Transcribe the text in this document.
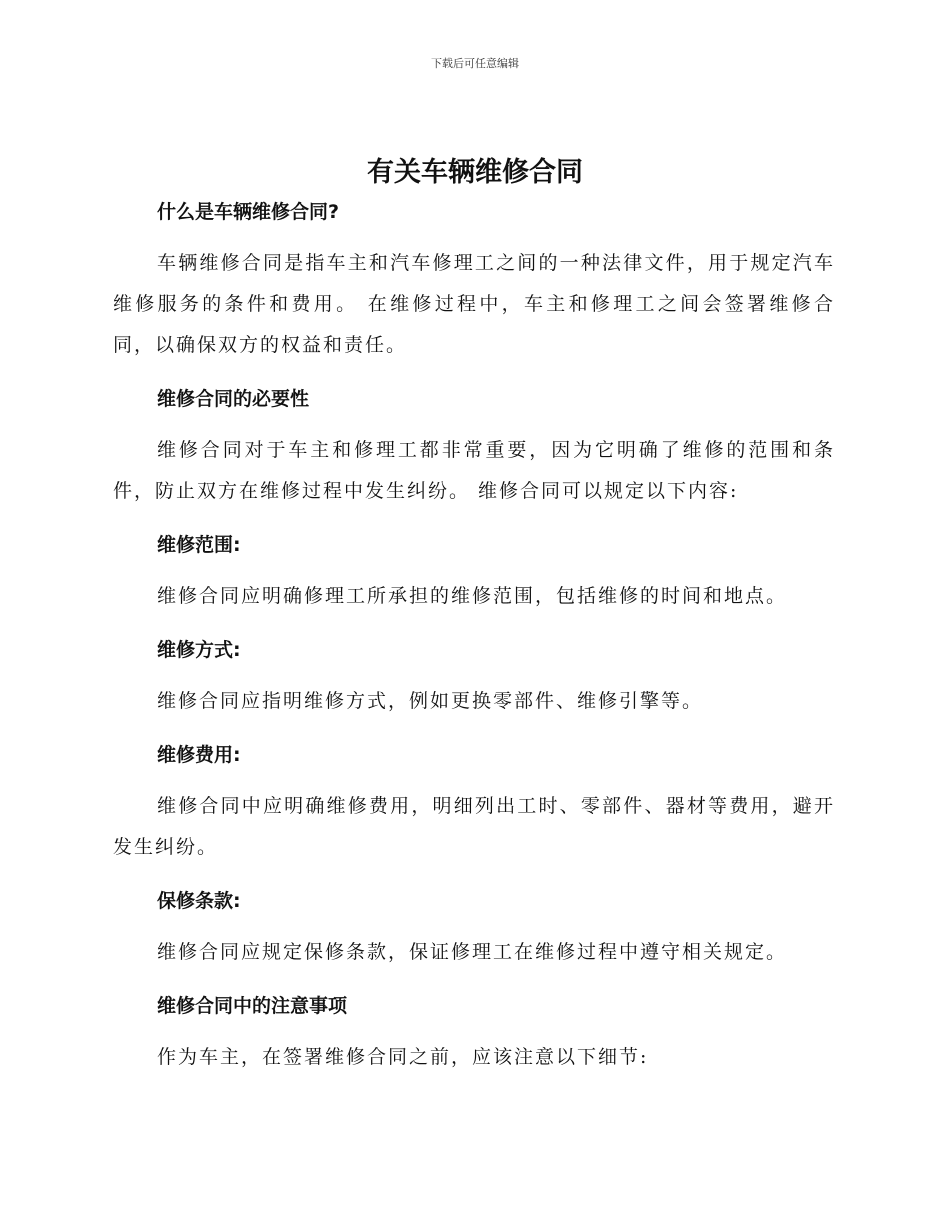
下载后可任意编辑
有关车辆维修合同
什么是车辆维修合同?

车辆维修合同是指车主和汽车修理工之间的一种法律文件，用于规定汽车维修服务的条件和费用。 在维修过程中，车主和修理工之间会签署维修合同，以确保双方的权益和责任。

维修合同的必要性

维修合同对于车主和修理工都非常重要，因为它明确了维修的范围和条件，防止双方在维修过程中发生纠纷。 维修合同可以规定以下内容:

维修范围:

维修合同应明确修理工所承担的维修范围，包括维修的时间和地点。

维修方式:

维修合同应指明维修方式，例如更换零部件、维修引擎等。

维修费用:

维修合同中应明确维修费用，明细列出工时、零部件、器材等费用，避开发生纠纷。

保修条款:

维修合同应规定保修条款，保证修理工在维修过程中遵守相关规定。

维修合同中的注意事项

作为车主，在签署维修合同之前，应该注意以下细节:
